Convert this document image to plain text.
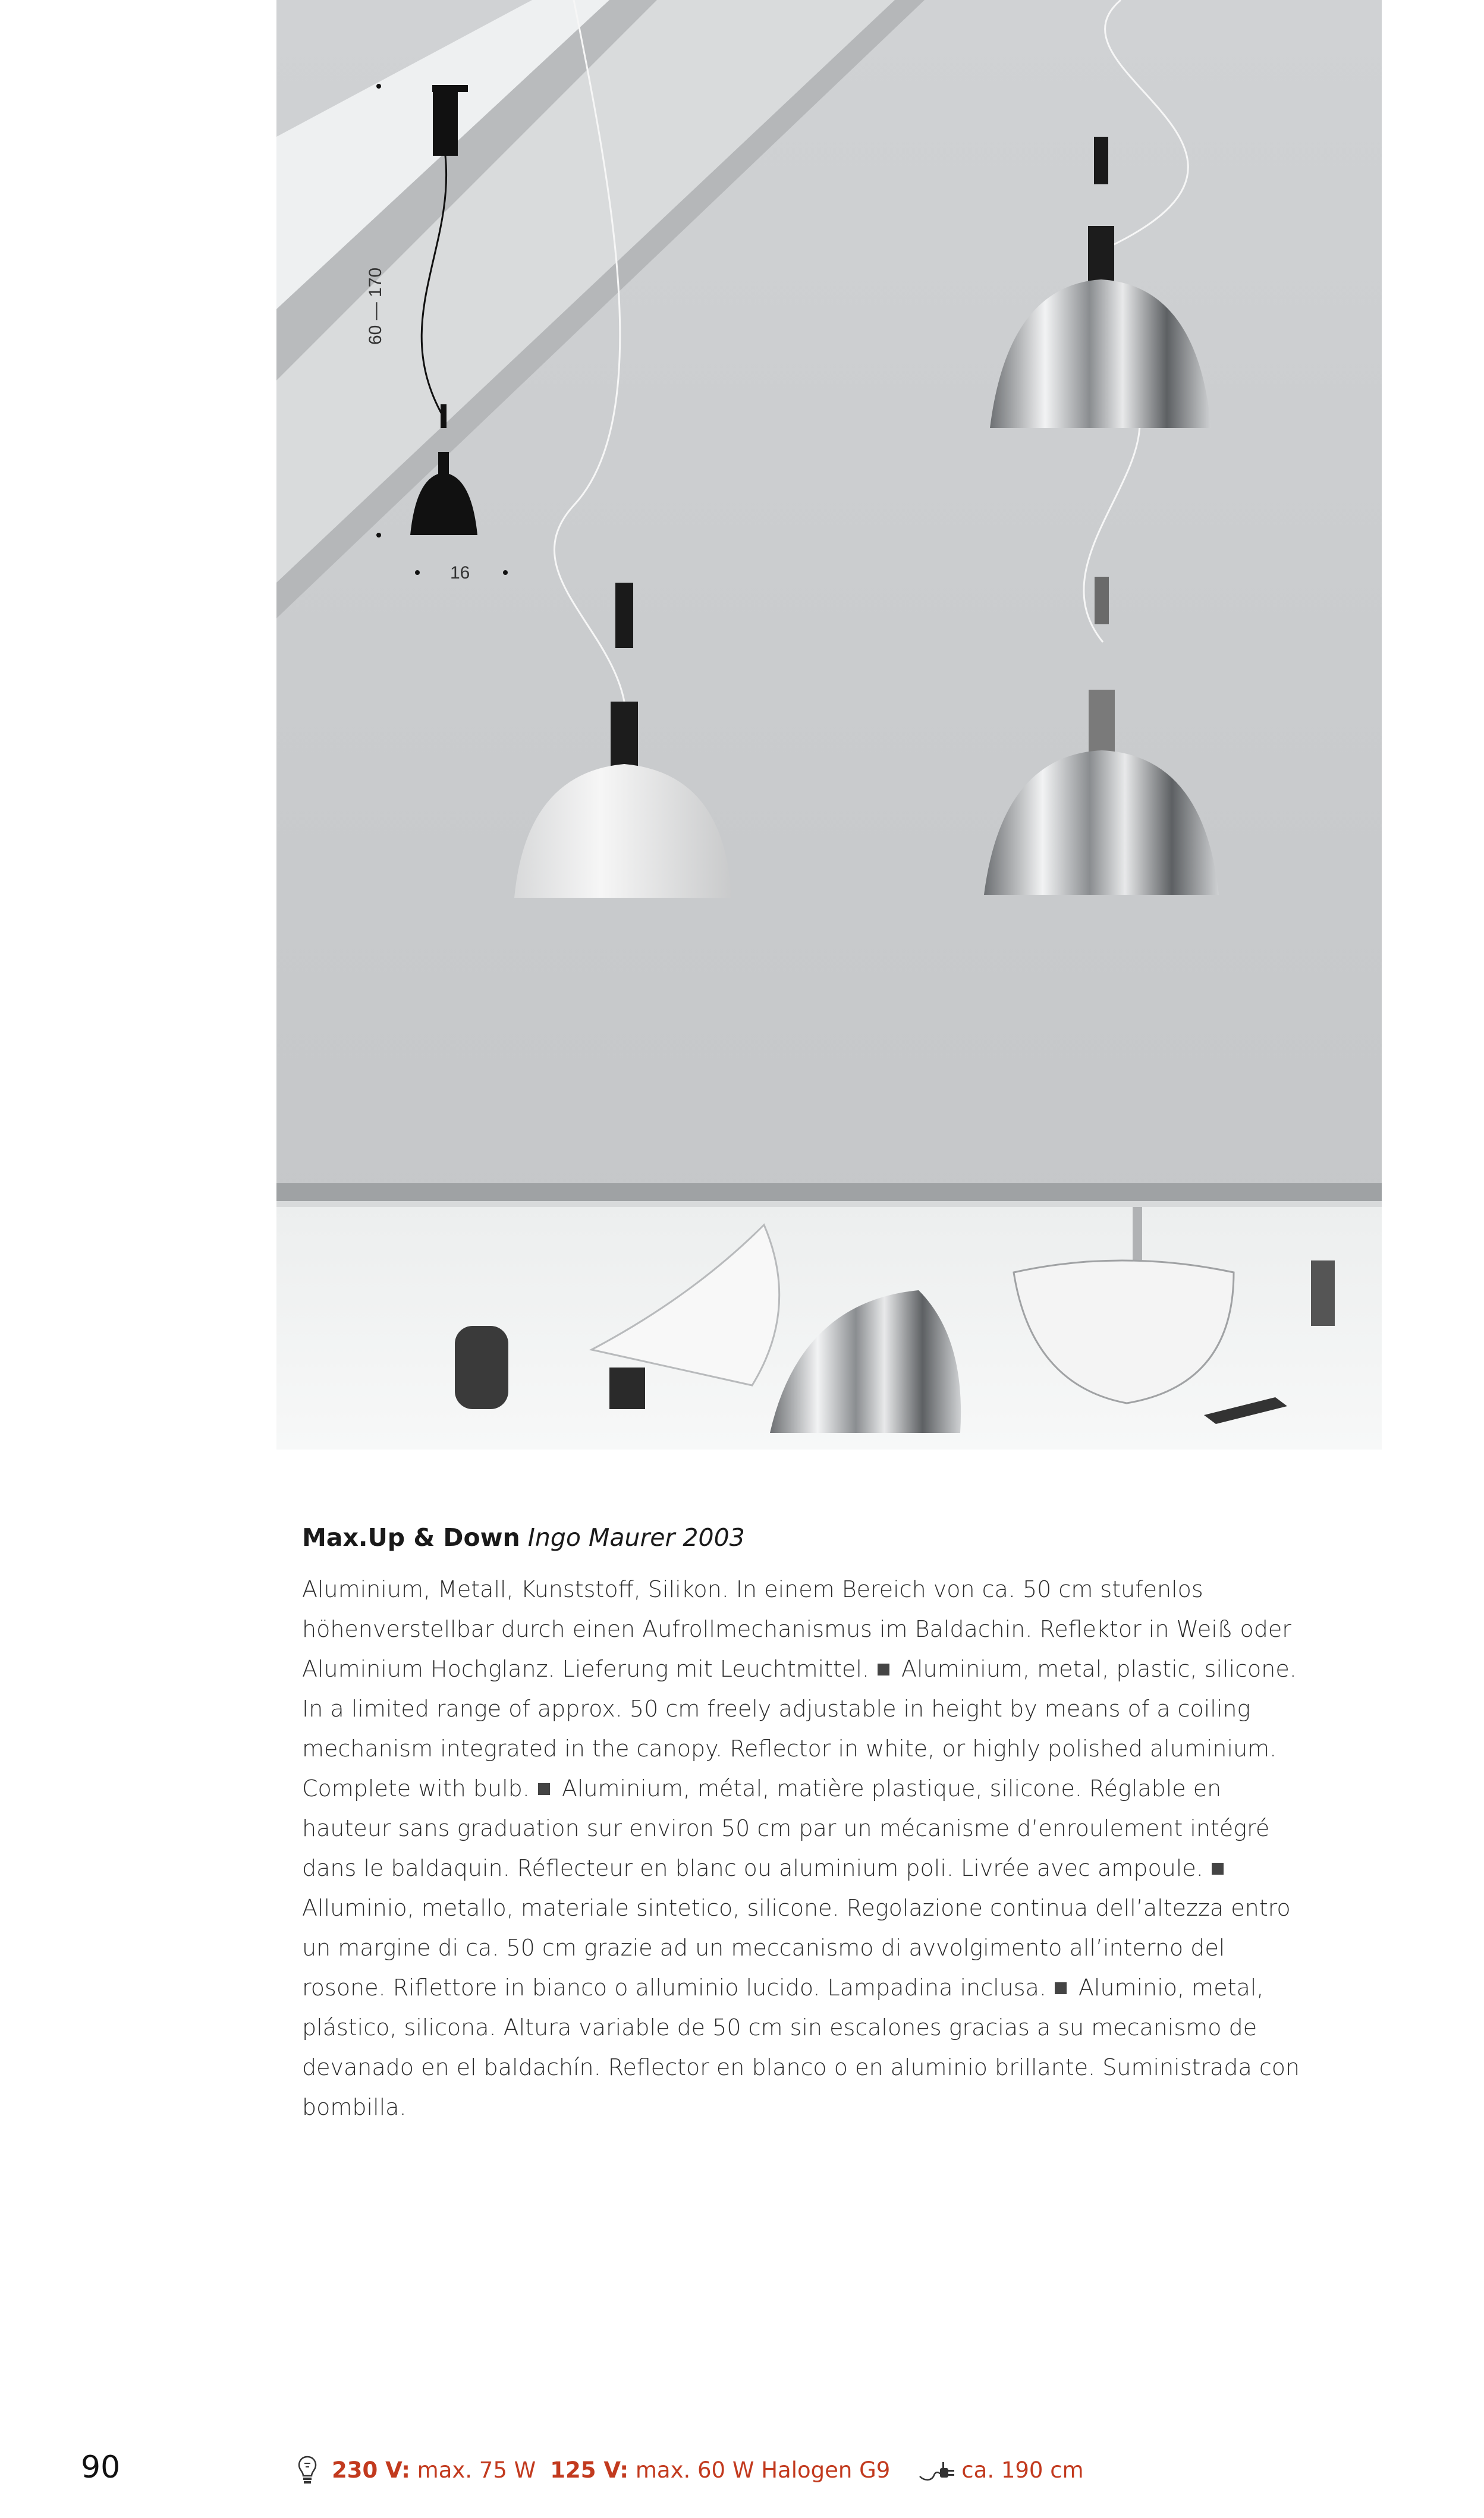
60 — 170
16
Max.Up & Down Ingo Maurer 2003

Aluminium, Metall, Kunststoff, Silikon. In einem Bereich von ca. 50 cm stufenlos höhenverstellbar durch einen Aufrollmechanismus im Baldachin. Reflektor in Weiß oder Aluminium Hochglanz. Lieferung mit Leuchtmittel. Aluminium, metal, plastic, silicone. In a limited range of approx. 50 cm freely adjustable in height by means of a coiling mechanism integrated in the canopy. Reflector in white, or highly polished aluminium. Complete with bulb. Aluminium, métal, matière plastique, silicone. Réglable en hauteur sans graduation sur environ 50 cm par un mécanisme d’enroulement intégré dans le baldaquin. Réflecteur en blanc ou aluminium poli. Livrée avec ampoule.Alluminio, metallo, materiale sintetico, silicone. Regolazione continua dell’altezza entro un margine di ca. 50 cm grazie ad un meccanismo di avvolgimento all’interno del rosone. Riflettore in bianco o alluminio lucido. Lampadina inclusa. Aluminio, metal, plástico, silicona. Altura variable de 50 cm sin escalones gracias a su mecanismo de devanado en el baldachín. Reflector en blanco o en aluminio brillante. Suministrada con bombilla.

90	230 V:
max. 75 W 125 V:
max. 60 W Halogen G9	ca. 190 cm
